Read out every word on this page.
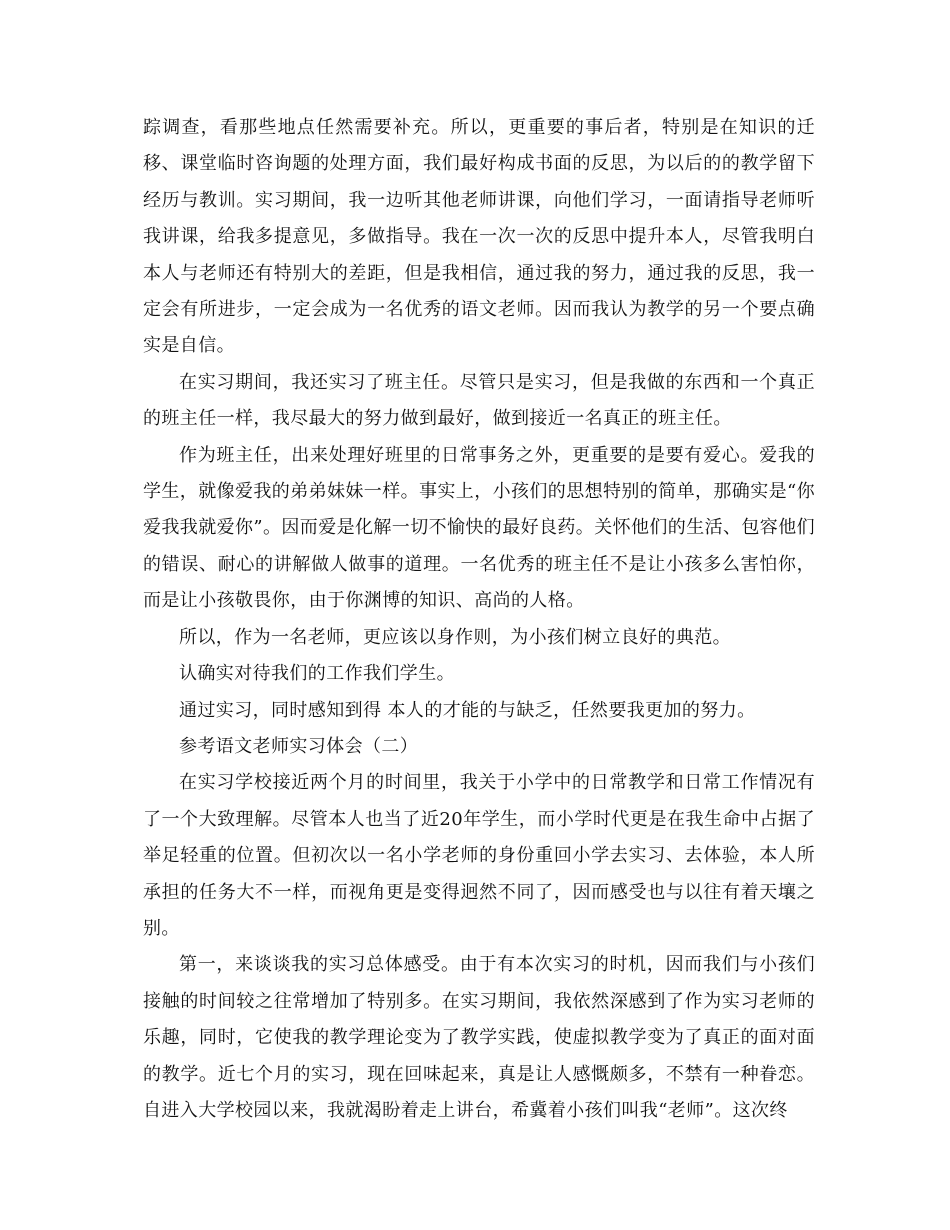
踪调查，看那些地点任然需要补充。所以，更重要的事后者，特别是在知识的迁移、课堂临时咨询题的处理方面，我们最好构成书面的反思，为以后的的教学留下经历与教训。实习期间，我一边听其他老师讲课，向他们学习，一面请指导老师听我讲课，给我多提意见，多做指导。我在一次一次的反思中提升本人，尽管我明白本人与老师还有特别大的差距，但是我相信，通过我的努力，通过我的反思，我一定会有所进步，一定会成为一名优秀的语文老师。因而我认为教学的另一个要点确实是自信。

在实习期间，我还实习了班主任。尽管只是实习，但是我做的东西和一个真正的班主任一样，我尽最大的努力做到最好，做到接近一名真正的班主任。

作为班主任，出来处理好班里的日常事务之外，更重要的是要有爱心。爱我的学生，就像爱我的弟弟妹妹一样。事实上，小孩们的思想特别的简单，那确实是“你爱我我就爱你”。因而爱是化解一切不愉快的最好良药。关怀他们的生活、包容他们的错误、耐心的讲解做人做事的道理。一名优秀的班主任不是让小孩多么害怕你，而是让小孩敬畏你，由于你渊博的知识、高尚的人格。

所以，作为一名老师，更应该以身作则，为小孩们树立良好的典范。

认确实对待我们的工作我们学生。

通过实习，同时感知到得 本人的才能的与缺乏，任然要我更加的努力。

参考语文老师实习体会（二）

在实习学校接近两个月的时间里，我关于小学中的日常教学和日常工作情况有了一个大致理解。尽管本人也当了近20年学生，而小学时代更是在我生命中占据了举足轻重的位置。但初次以一名小学老师的身份重回小学去实习、去体验，本人所承担的任务大不一样，而视角更是变得迥然不同了，因而感受也与以往有着天壤之别。

第一，来谈谈我的实习总体感受。由于有本次实习的时机，因而我们与小孩们接触的时间较之往常增加了特别多。在实习期间，我依然深感到了作为实习老师的乐趣，同时，它使我的教学理论变为了教学实践，使虚拟教学变为了真正的面对面的教学。近七个月的实习，现在回味起来，真是让人感慨颇多，不禁有一种眷恋。自进入大学校园以来，我就渴盼着走上讲台，希冀着小孩们叫我“老师”。这次终
